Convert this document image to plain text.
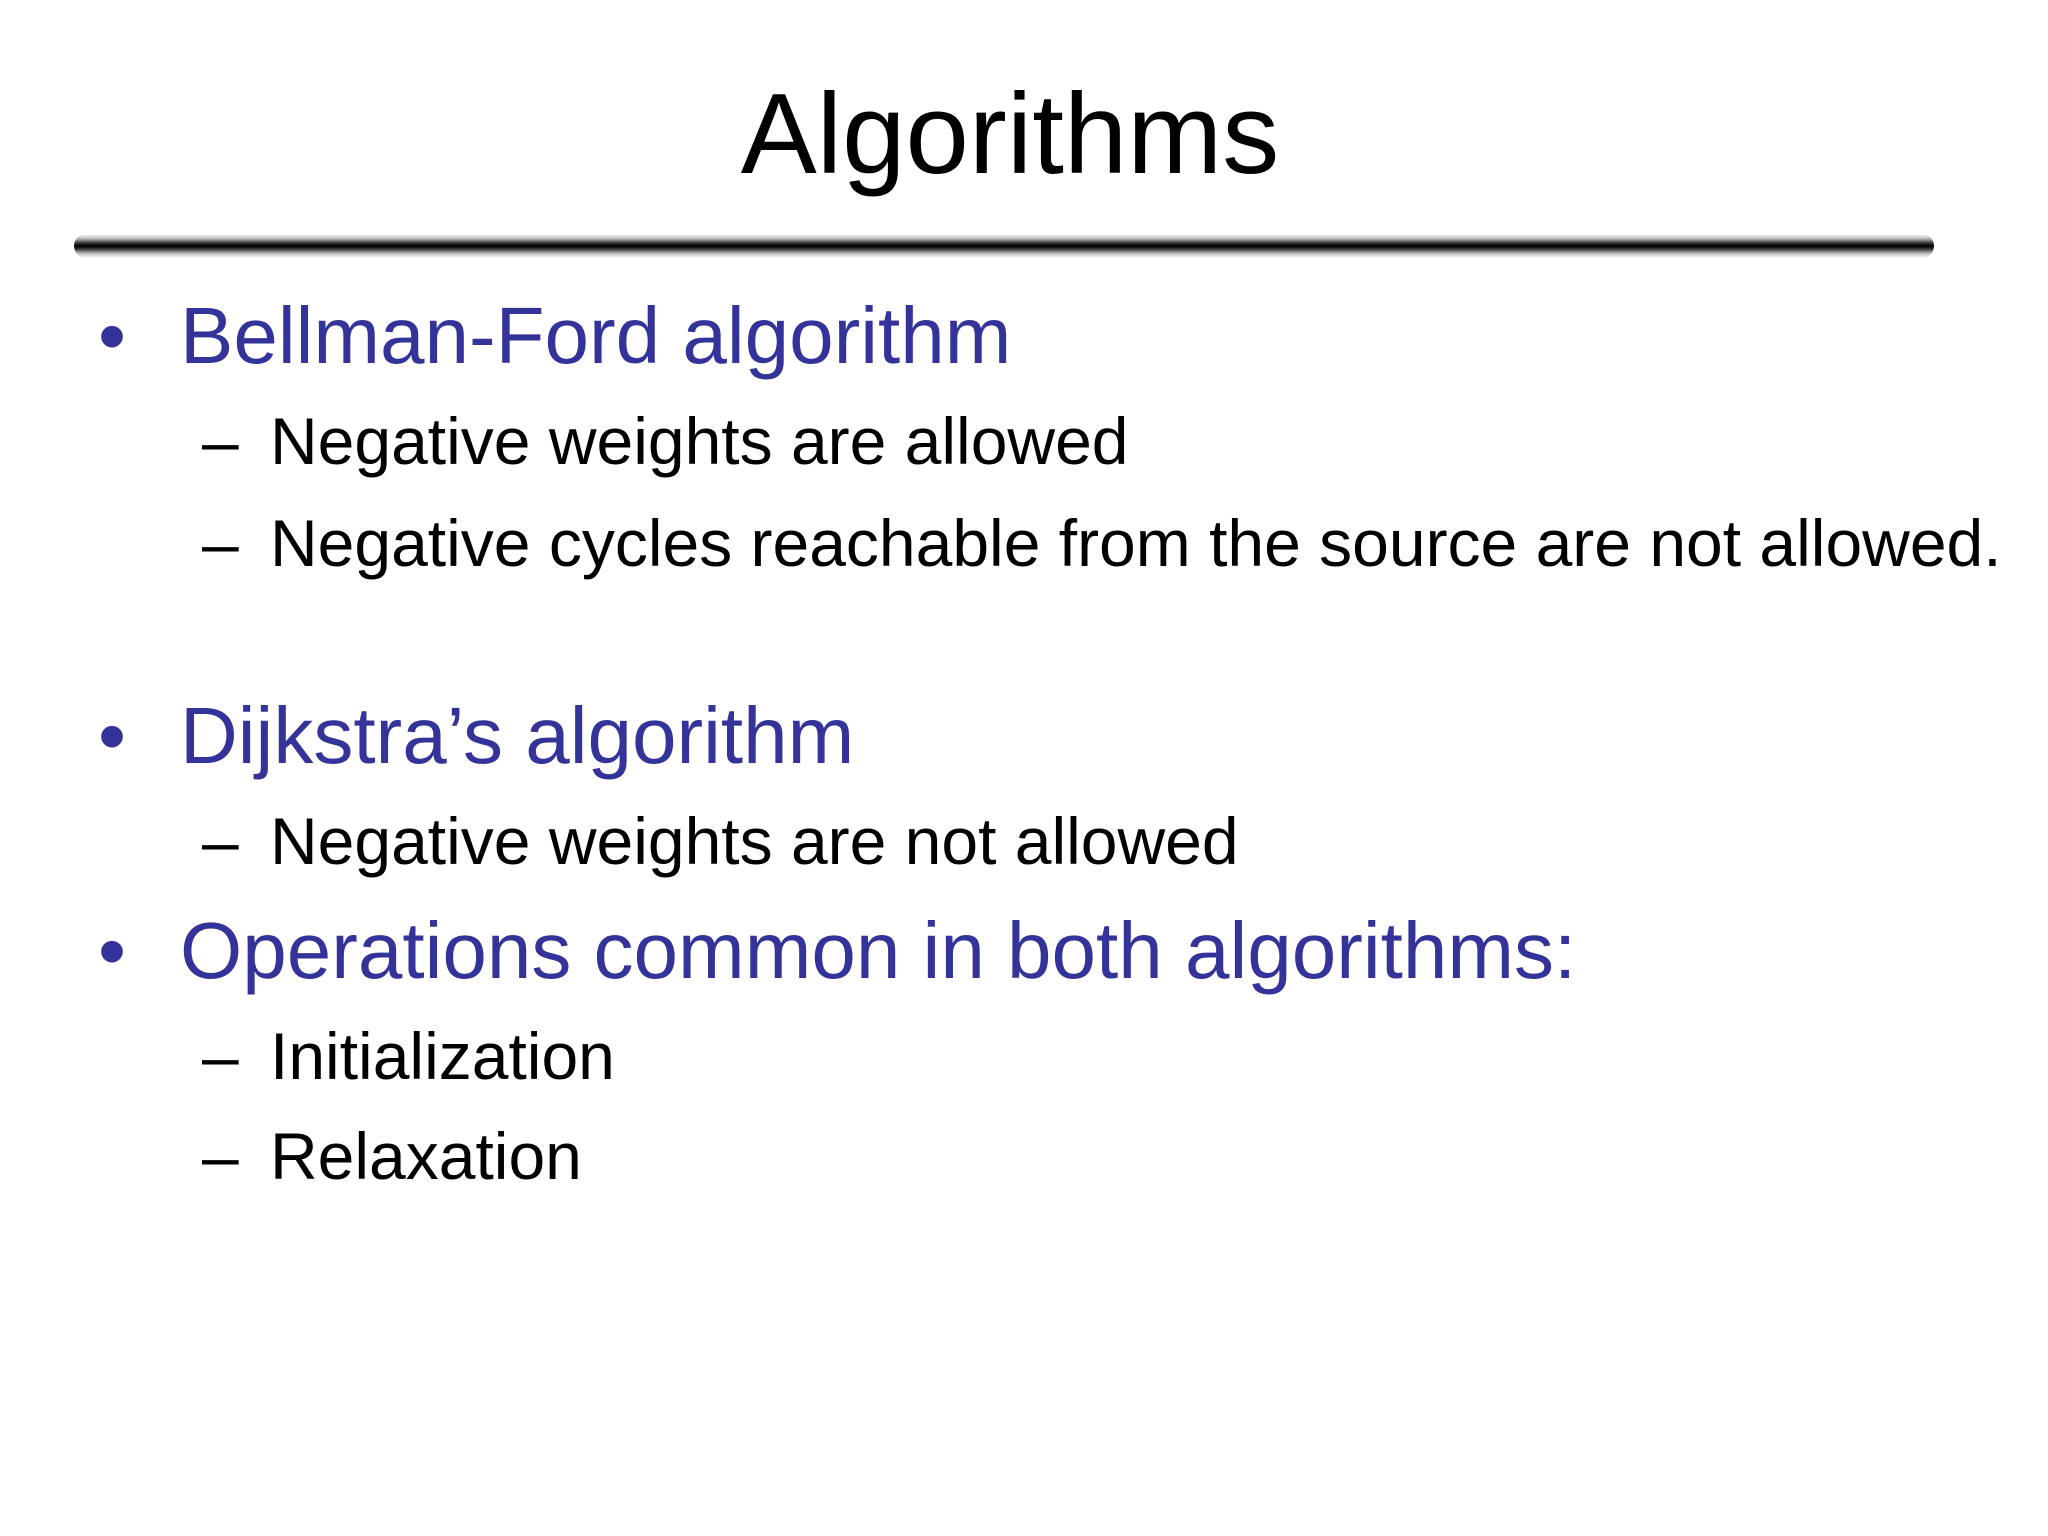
Algorithms
• Bellman-Ford algorithm
– Negative weights are allowed
– Negative cycles reachable from the source are not allowed.
• Dijkstra’s algorithm
– Negative weights are not allowed
• Operations common in both algorithms:
– Initialization
– Relaxation
